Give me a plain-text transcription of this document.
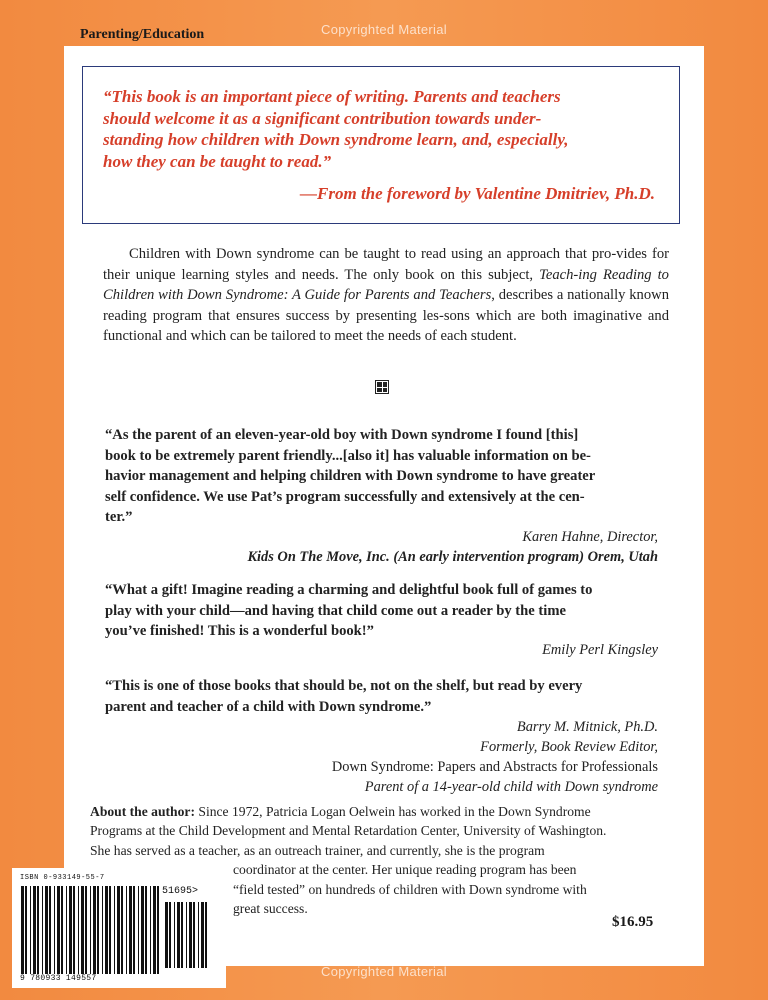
Parenting/Education	Copyrighted Material
“This book is an important piece of writing. Parents and teachers
should welcome it as a significant contribution towards under-
standing how children with Down syndrome learn, and, especially,
how they can be taught to read.”
—From the foreword by Valentine Dmitriev, Ph.D.
Children with Down syndrome can be taught to read using an approach that pro-vides for their unique learning styles and needs. The only book on this subject, Teach-ing Reading to Children with Down Syndrome: A Guide for Parents and Teachers, describes a nationally known reading program that ensures success by presenting les-sons which are both imaginative and functional and which can be tailored to meet the needs of each student.
“As the parent of an eleven-year-old boy with Down syndrome I found [this]
book to be extremely parent friendly...[also it] has valuable information on be-
havior management and helping children with Down syndrome to have greater
self confidence. We use Pat’s program successfully and extensively at the cen-
ter.”
Karen Hahne, Director,
Kids On The Move, Inc. (An early intervention program) Orem, Utah
“What a gift! Imagine reading a charming and delightful book full of games to
play with your child—and having that child come out a reader by the time
you’ve finished! This is a wonderful book!”
Emily Perl Kingsley
“This is one of those books that should be, not on the shelf, but read by every
parent and teacher of a child with Down syndrome.”
Barry M. Mitnick, Ph.D.
Formerly, Book Review Editor,
Down Syndrome: Papers and Abstracts for Professionals
Parent of a 14-year-old child with Down syndrome
About the author: Since 1972, Patricia Logan Oelwein has worked in the Down Syndrome
Programs at the Child Development and Mental Retardation Center, University of Washington.
She has served as a teacher, as an outreach trainer, and currently, she is the program
coordinator at the center. Her unique reading program has been
“field tested” on hundreds of children with Down syndrome with
great success.
ISBN 0-933149-55-7
51695>
9 780933 149557	Copyrighted Material
$16.95
